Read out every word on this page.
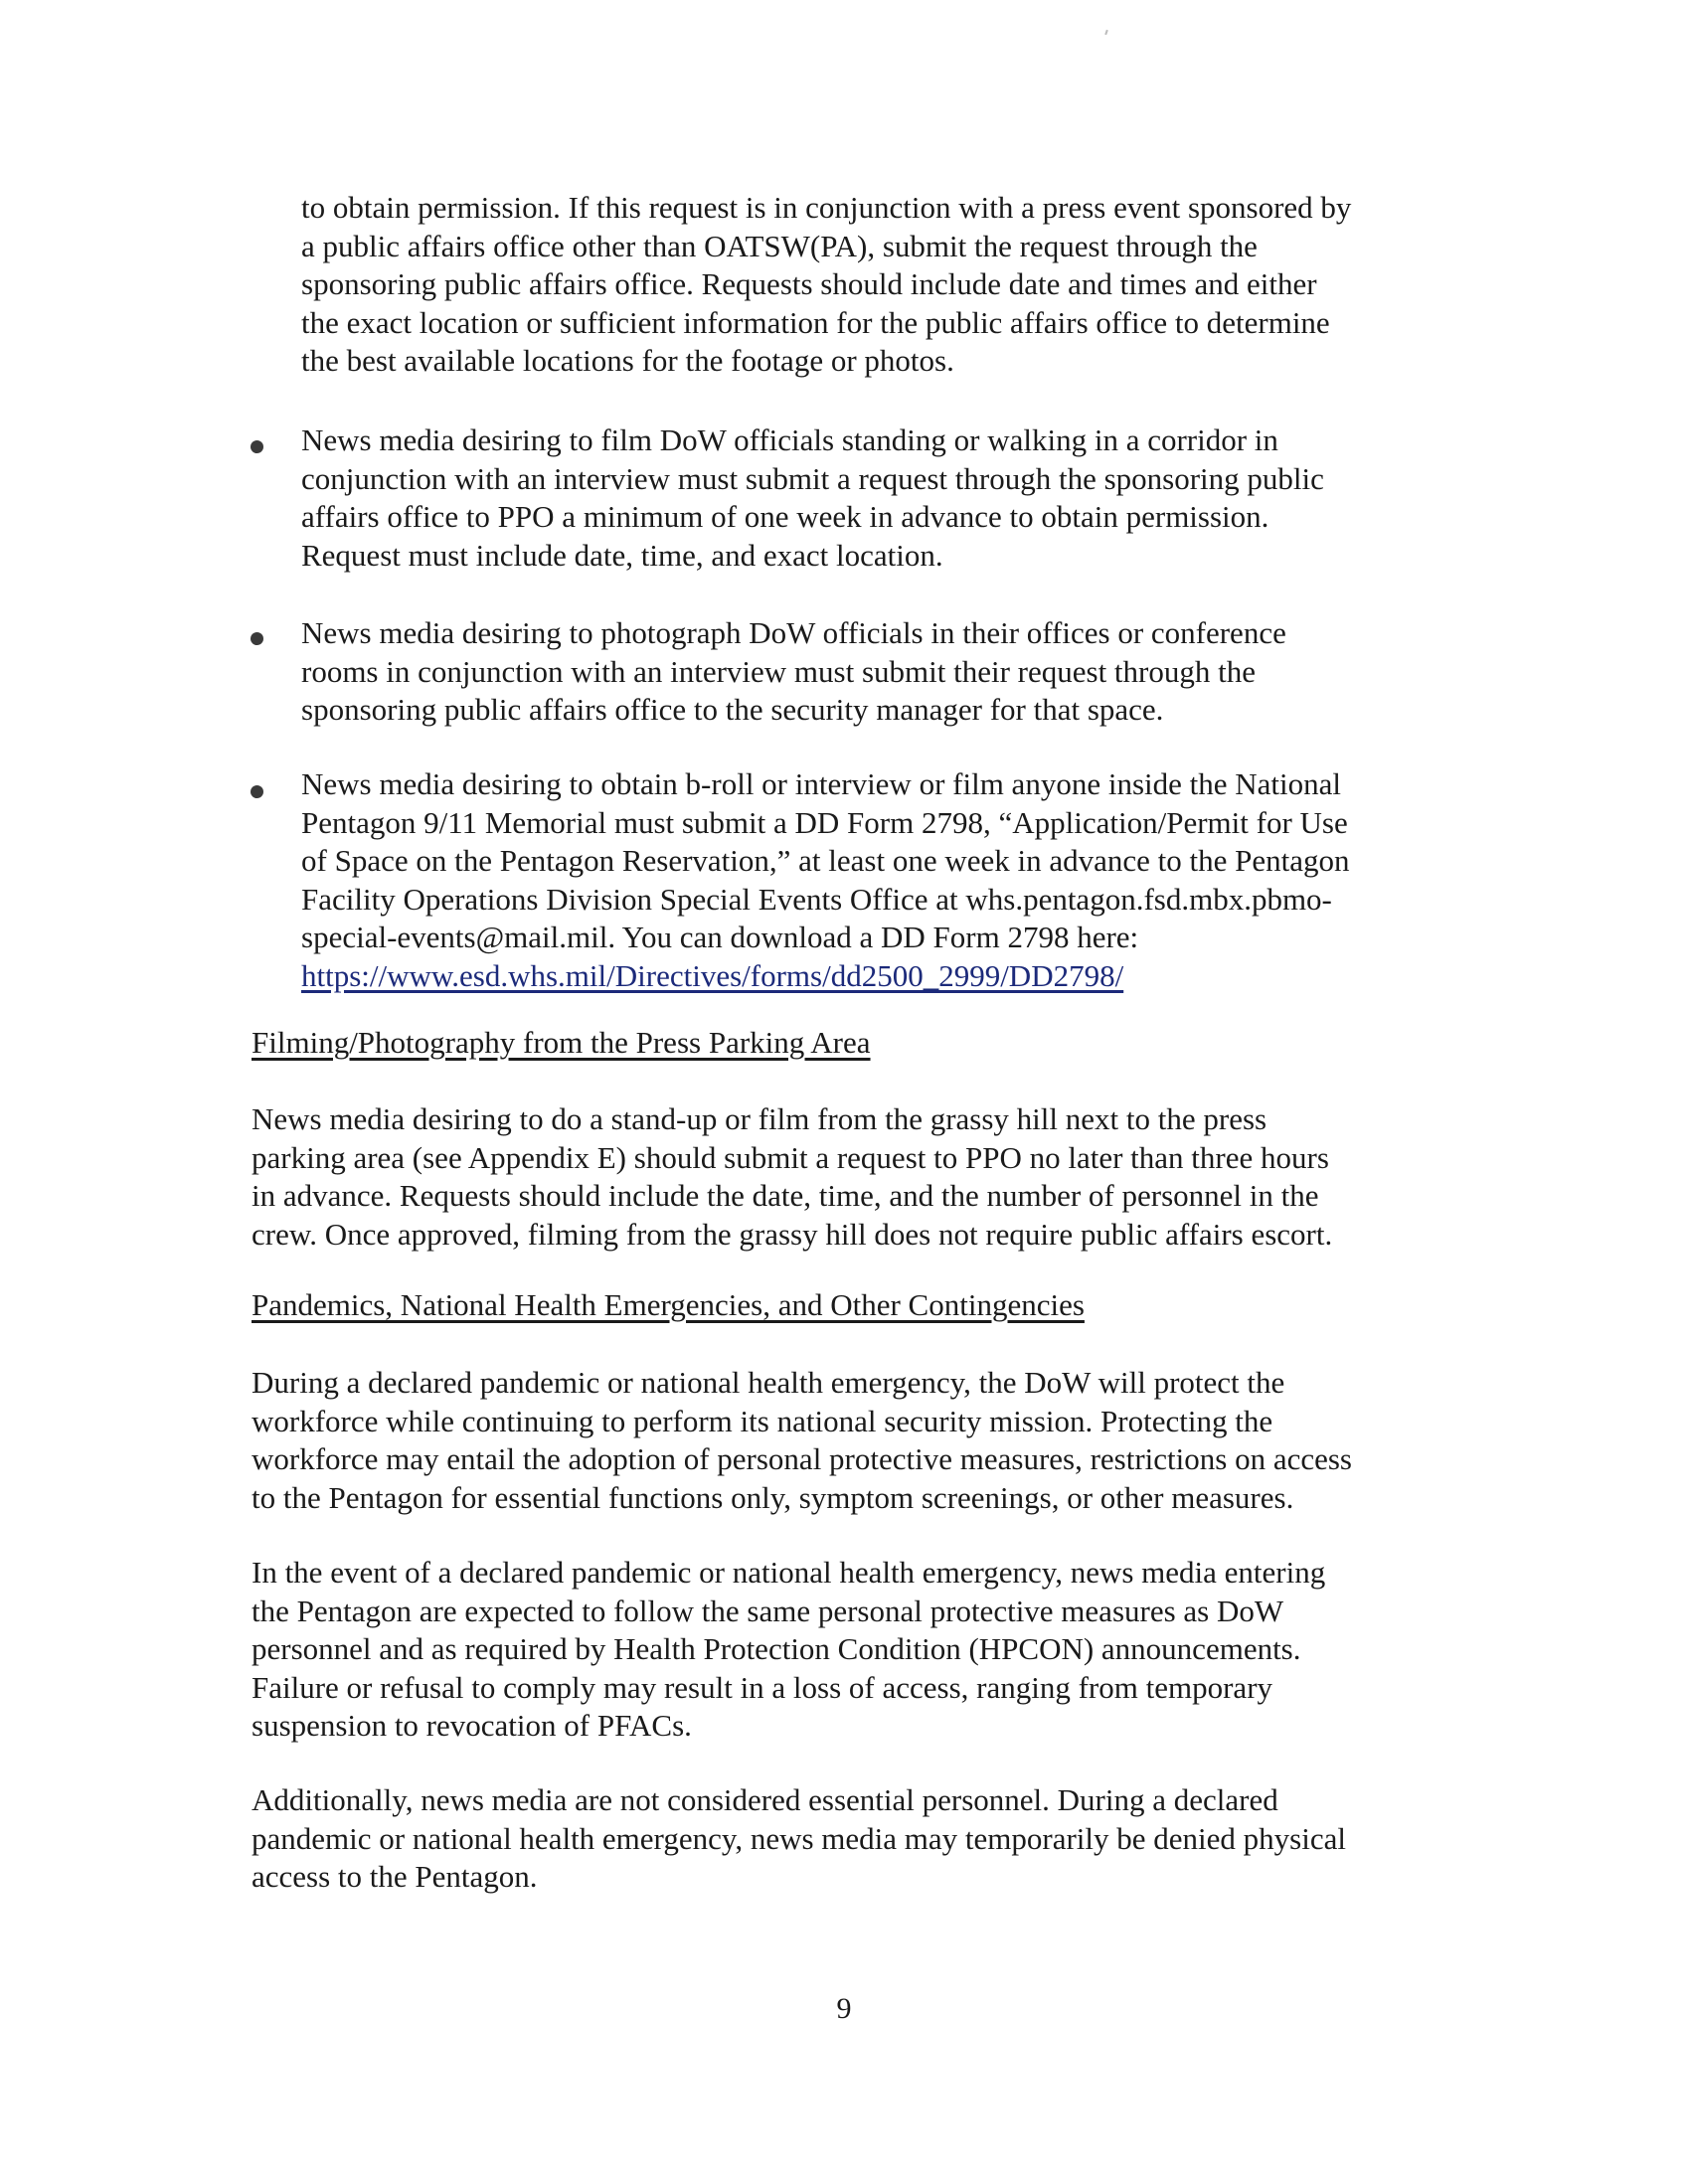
to obtain permission. If this request is in conjunction with a press event sponsored by
a public affairs office other than OATSW(PA), submit the request through the
sponsoring public affairs office. Requests should include date and times and either
the exact location or sufficient information for the public affairs office to determine
the best available locations for the footage or photos.
News media desiring to film DoW officials standing or walking in a corridor in
conjunction with an interview must submit a request through the sponsoring public
affairs office to PPO a minimum of one week in advance to obtain permission.
Request must include date, time, and exact location.
News media desiring to photograph DoW officials in their offices or conference
rooms in conjunction with an interview must submit their request through the
sponsoring public affairs office to the security manager for that space.
News media desiring to obtain b-roll or interview or film anyone inside the National
Pentagon 9/11 Memorial must submit a DD Form 2798, “Application/Permit for Use
of Space on the Pentagon Reservation,” at least one week in advance to the Pentagon
Facility Operations Division Special Events Office at whs.pentagon.fsd.mbx.pbmo-
special-events@mail.mil. You can download a DD Form 2798 here:
https://www.esd.whs.mil/Directives/forms/dd2500_2999/DD2798/
Filming/Photography from the Press Parking Area
News media desiring to do a stand-up or film from the grassy hill next to the press
parking area (see Appendix E) should submit a request to PPO no later than three hours
in advance. Requests should include the date, time, and the number of personnel in the
crew. Once approved, filming from the grassy hill does not require public affairs escort.
Pandemics, National Health Emergencies, and Other Contingencies
During a declared pandemic or national health emergency, the DoW will protect the
workforce while continuing to perform its national security mission. Protecting the
workforce may entail the adoption of personal protective measures, restrictions on access
to the Pentagon for essential functions only, symptom screenings, or other measures.
In the event of a declared pandemic or national health emergency, news media entering
the Pentagon are expected to follow the same personal protective measures as DoW
personnel and as required by Health Protection Condition (HPCON) announcements.
Failure or refusal to comply may result in a loss of access, ranging from temporary
suspension to revocation of PFACs.
Additionally, news media are not considered essential personnel. During a declared
pandemic or national health emergency, news media may temporarily be denied physical
access to the Pentagon.
9
